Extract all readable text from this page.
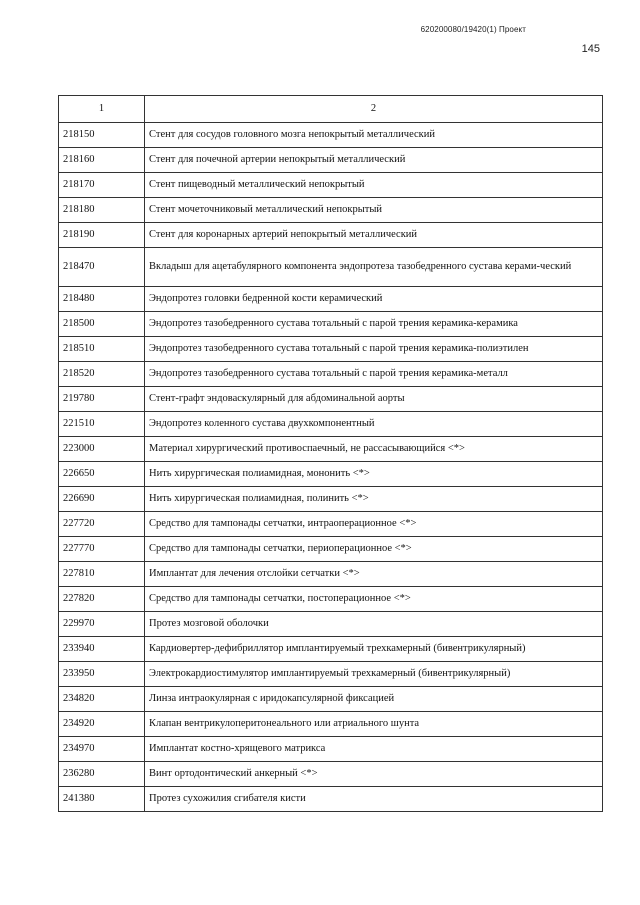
620200080/19420(1) Проект
145
1	2
218150	Стент для сосудов головного мозга непокрытый металлический
218160	Стент для почечной артерии непокрытый металлический
218170	Стент пищеводный металлический непокрытый
218180	Стент мочеточниковый металлический непокрытый
218190	Стент для коронарных артерий непокрытый металлический
218470	Вкладыш для ацетабулярного компонента эндопротеза тазобедренного сустава керами-ческий
218480	Эндопротез головки бедренной кости керамический
218500	Эндопротез тазобедренного сустава тотальный с парой трения керамика-керамика
218510	Эндопротез тазобедренного сустава тотальный с парой трения керамика-полиэтилен
218520	Эндопротез тазобедренного сустава тотальный с парой трения керамика-металл
219780	Стент-графт эндоваскулярный для абдоминальной аорты
221510	Эндопротез коленного сустава двухкомпонентный
223000	Материал хирургический противоспаечный, не рассасывающийся <*>
226650	Нить хирургическая полиамидная, мононить <*>
226690	Нить хирургическая полиамидная, полинить <*>
227720	Средство для тампонады сетчатки, интраоперационное <*>
227770	Средство для тампонады сетчатки, периоперационное <*>
227810	Имплантат для лечения отслойки сетчатки <*>
227820	Средство для тампонады сетчатки, постоперационное <*>
229970	Протез мозговой оболочки
233940	Кардиовертер-дефибриллятор имплантируемый трехкамерный (бивентрикулярный)
233950	Электрокардиостимулятор имплантируемый трехкамерный (бивентрикулярный)
234820	Линза интраокулярная с иридокапсулярной фиксацией
234920	Клапан вентрикулоперитонеального или атриального шунта
234970	Имплантат костно-хрящевого матрикса
236280	Винт ортодонтический анкерный <*>
241380	Протез сухожилия сгибателя кисти
